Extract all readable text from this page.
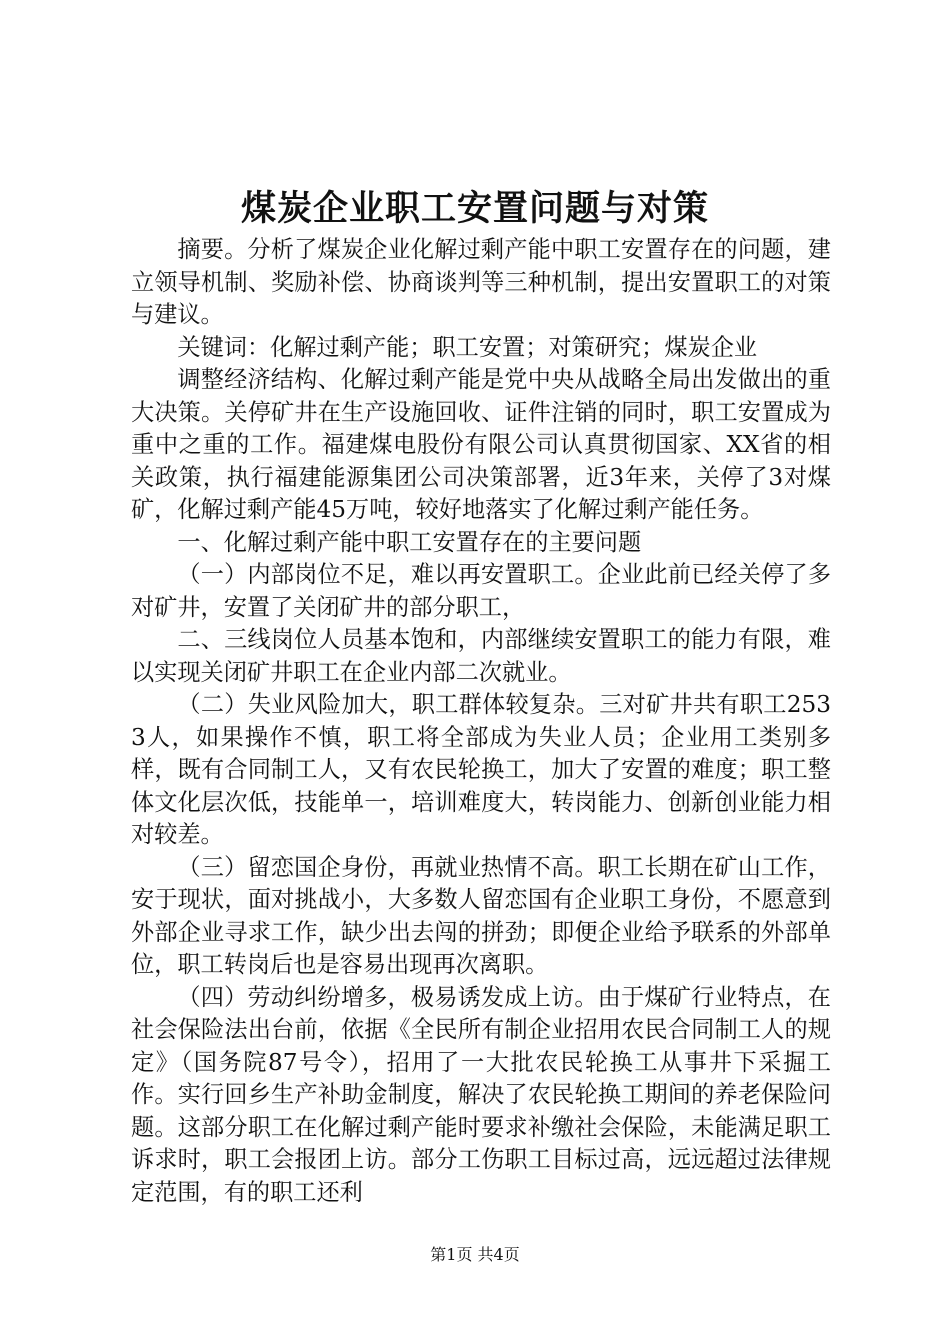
煤炭企业职工安置问题与对策

摘要。分析了煤炭企业化解过剩产能中职工安置存在的问题，建立领导机制、奖励补偿、协商谈判等三种机制，提出安置职工的对策与建议。

关键词：化解过剩产能；职工安置；对策研究；煤炭企业

调整经济结构、化解过剩产能是党中央从战略全局出发做出的重大决策。关停矿井在生产设施回收、证件注销的同时，职工安置成为重中之重的工作。福建煤电股份有限公司认真贯彻国家、XX省的相关政策，执行福建能源集团公司决策部署，近3年来，关停了3对煤矿，化解过剩产能45万吨，较好地落实了化解过剩产能任务。

一、化解过剩产能中职工安置存在的主要问题

（一）内部岗位不足，难以再安置职工。企业此前已经关停了多对矿井，安置了关闭矿井的部分职工，

二、三线岗位人员基本饱和，内部继续安置职工的能力有限，难以实现关闭矿井职工在企业内部二次就业。

（二）失业风险加大，职工群体较复杂。三对矿井共有职工2533人，如果操作不慎，职工将全部成为失业人员；企业用工类别多样，既有合同制工人，又有农民轮换工，加大了安置的难度；职工整体文化层次低，技能单一，培训难度大，转岗能力、创新创业能力相对较差。

（三）留恋国企身份，再就业热情不高。职工长期在矿山工作，安于现状，面对挑战小，大多数人留恋国有企业职工身份，不愿意到外部企业寻求工作，缺少出去闯的拼劲；即便企业给予联系的外部单位，职工转岗后也是容易出现再次离职。

（四）劳动纠纷增多，极易诱发成上访。由于煤矿行业特点，在社会保险法出台前，依据《全民所有制企业招用农民合同制工人的规定》（国务院87号令），招用了一大批农民轮换工从事井下采掘工作。实行回乡生产补助金制度，解决了农民轮换工期间的养老保险问题。这部分职工在化解过剩产能时要求补缴社会保险，未能满足职工诉求时，职工会报团上访。部分工伤职工目标过高，远远超过法律规定范围，有的职工还利

第1页 共4页
